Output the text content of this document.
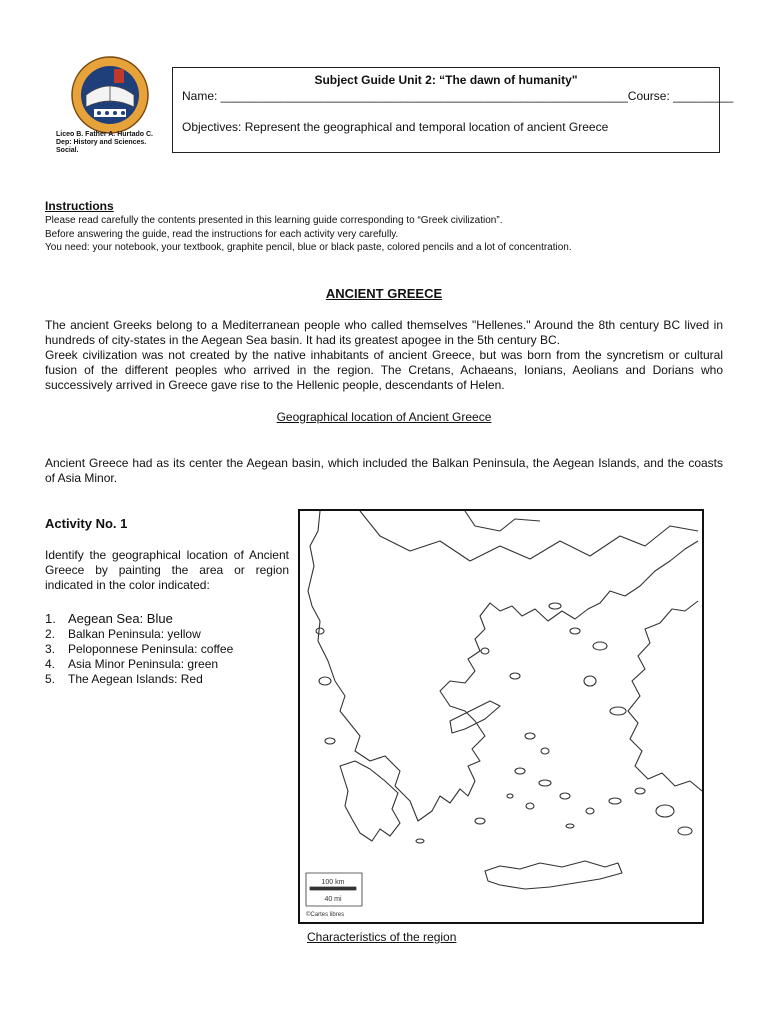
Liceo B. Father A. Hurtado C.
Dep: History and Sciences.
Social.
Subject Guide Unit 2: “The dawn of humanity"
Name: _____________________________________________________________Course: _________
Objectives: Represent the geographical and temporal location of ancient Greece
Instructions
Please read carefully the contents presented in this learning guide corresponding to “Greek civilization”.
Before answering the guide, read the instructions for each activity very carefully.
You need: your notebook, your textbook, graphite pencil, blue or black paste, colored pencils and a lot of concentration.
ANCIENT GREECE
The ancient Greeks belong to a Mediterranean people who called themselves "Hellenes." Around the 8th century BC lived in hundreds of city-states in the Aegean Sea basin. It had its greatest apogee in the 5th century BC.
Greek civilization was not created by the native inhabitants of ancient Greece, but was born from the syncretism or cultural fusion of the different peoples who arrived in the region. The Cretans, Achaeans, Ionians, Aeolians and Dorians who successively arrived in Greece gave rise to the Hellenic people, descendants of Helen.
Geographical location of Ancient Greece
Ancient Greece had as its center the Aegean basin, which included the Balkan Peninsula, the Aegean Islands, and the coasts of Asia Minor.
Activity No. 1
Identify the geographical location of Ancient Greece by painting the area or region indicated in the color indicated:
1. Aegean Sea: Blue
2.	Balkan Peninsula: yellow
3.	Peloponnese Peninsula: coffee
4.	Asia Minor Peninsula: green
5.	The Aegean Islands: Red
100 km
40 mi
©Cartes libres
Characteristics of the region
